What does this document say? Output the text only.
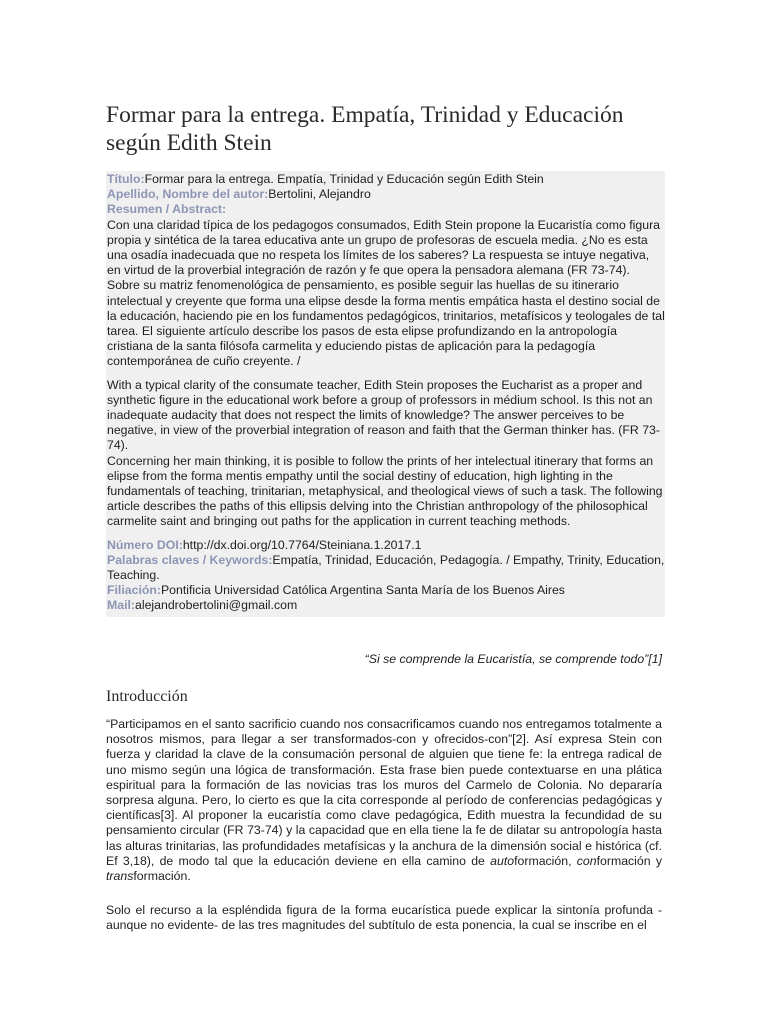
Formar para la entrega. Empatía, Trinidad y Educación según Edith Stein

Título:Formar para la entrega. Empatía, Trinidad y Educación según Edith Stein

Apellido, Nombre del autor:Bertolini, Alejandro

Resumen / Abstract:

Con una claridad típica de los pedagogos consumados, Edith Stein propone la Eucaristía como figura propia y sintética de la tarea educativa ante un grupo de profesoras de escuela media. ¿No es esta una osadía inadecuada que no respeta los límites de los saberes? La respuesta se intuye negativa, en virtud de la proverbial integración de razón y fe que opera la pensadora alemana (FR 73-74).

Sobre su matriz fenomenológica de pensamiento, es posible seguir las huellas de su itinerario intelectual y creyente que forma una elipse desde la forma mentis empática hasta el destino social de la educación, haciendo pie en los fundamentos pedagógicos, trinitarios, metafísicos y teologales de tal tarea. El siguiente artículo describe los pasos de esta elipse profundizando en la antropología cristiana de la santa filósofa carmelita y educiendo pistas de aplicación para la pedagogía contemporánea de cuño creyente. /

With a typical clarity of the consumate teacher, Edith Stein proposes the Eucharist as a proper and synthetic figure in the educational work before a group of professors in médium school. Is this not an inadequate audacity that does not respect the limits of knowledge? The answer perceives to be negative, in view of the proverbial integration of reason and faith that the German thinker has. (FR 73-74).

Concerning her main thinking, it is posible to follow the prints of her intelectual itinerary that forms an elipse from the forma mentis empathy until the social destiny of education, high lighting in the fundamentals of teaching, trinitarian, metaphysical, and theological views of such a task. The following article describes the paths of this ellipsis delving into the Christian anthropology of the philosophical carmelite saint and bringing out paths for the application in current teaching methods.

Número DOI:http://dx.doi.org/10.7764/Steiniana.1.2017.1

Palabras claves / Keywords:Empatía, Trinidad, Educación, Pedagogía. / Empathy, Trinity, Education, Teaching.

Filiación:Pontificia Universidad Católica Argentina Santa María de los Buenos Aires

Mail:alejandrobertolini@gmail.com

“Si se comprende la Eucaristía, se comprende todo”[1]
Introducción

“Participamos en el santo sacrificio cuando nos consacrificamos cuando nos entregamos totalmente a nosotros mismos, para llegar a ser transformados-con y ofrecidos-con”[2]. Así expresa Stein con fuerza y claridad la clave de la consumación personal de alguien que tiene fe: la entrega radical de uno mismo según una lógica de transformación. Esta frase bien puede contextuarse en una plática espiritual para la formación de las novicias tras los muros del Carmelo de Colonia. No depararía sorpresa alguna. Pero, lo cierto es que la cita corresponde al período de conferencias pedagógicas y científicas[3]. Al proponer la eucaristía como clave pedagógica, Edith muestra la fecundidad de su pensamiento circular (FR 73-74) y la capacidad que en ella tiene la fe de dilatar su antropología hasta las alturas trinitarias, las profundidades metafísicas y la anchura de la dimensión social e histórica (cf. Ef 3,18), de modo tal que la educación deviene en ella camino de autoformación, conformación y transformación.

Solo el recurso a la espléndida figura de la forma eucarística puede explicar la sintonía profunda -aunque no evidente- de las tres magnitudes del subtítulo de esta ponencia, la cual se inscribe en el
